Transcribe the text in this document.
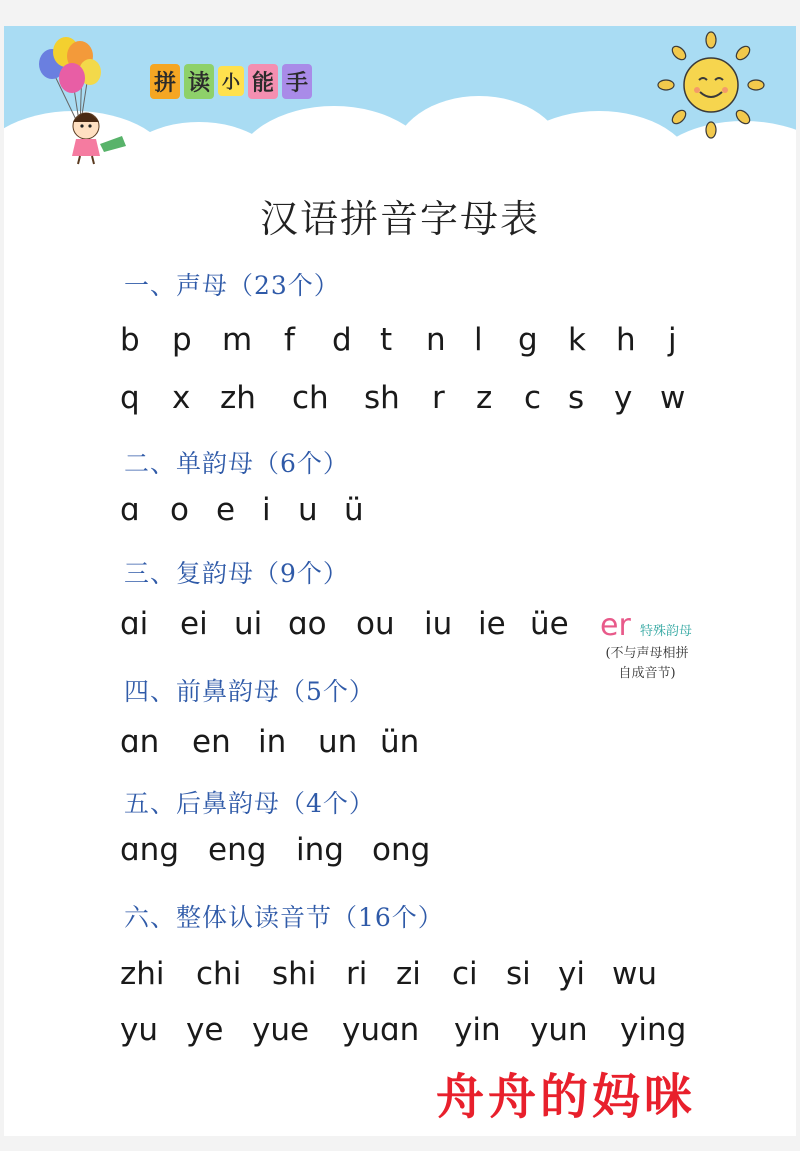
拼 读 小 能 手
汉语拼音字母表
一、声母（23个）
b p m f d t n l g k h j
q x zh ch sh r z c s y w
二、单韵母（6个）
ɑ o e i u ü
三、复韵母（9个）
ɑi ei ui ɑo ou iu ie üe er 特殊韵母
(不与声母相拼
自成音节)
四、前鼻韵母（5个）
ɑn en in un ün
五、后鼻韵母（4个）
ɑng eng ing ong
六、整体认读音节（16个）
zhi chi shi ri zi ci si yi wu
yu ye yue yuɑn yin yun ying
舟舟的妈咪
